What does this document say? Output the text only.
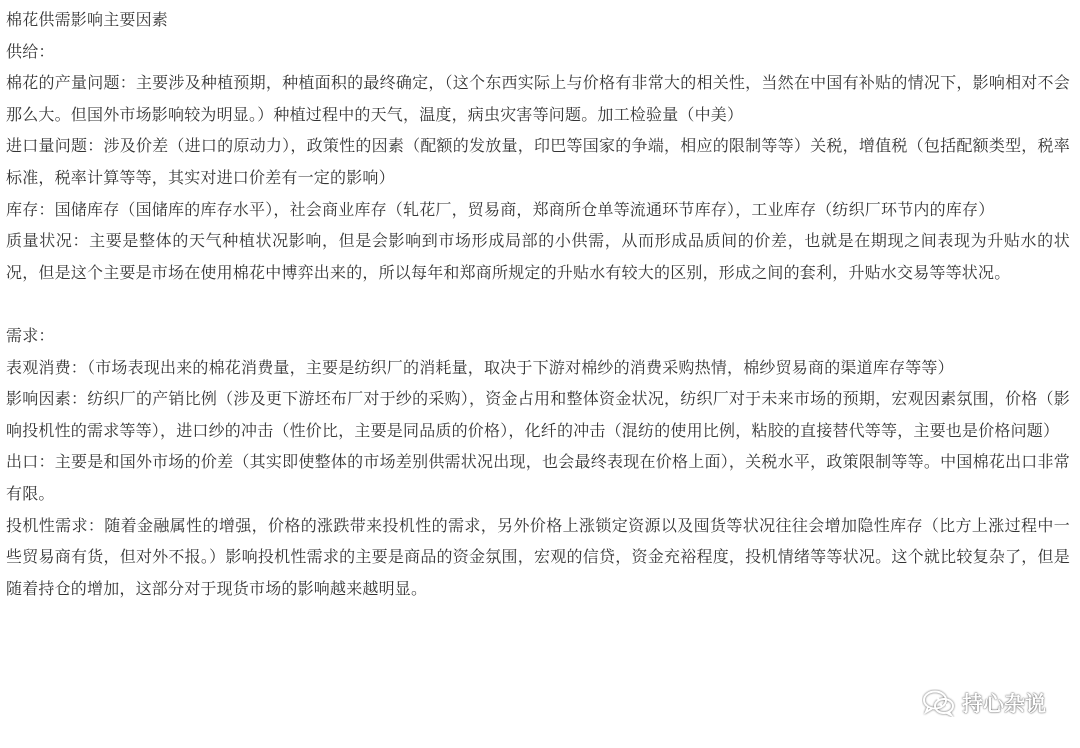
棉花供需影响主要因素

供给：

棉花的产量问题：主要涉及种植预期，种植面积的最终确定，（这个东西实际上与价格有非常大的相关性，当然在中国有补贴的情况下，影响相对不会那么大。但国外市场影响较为明显。）种植过程中的天气，温度，病虫灾害等问题。加工检验量（中美）

进口量问题：涉及价差（进口的原动力），政策性的因素（配额的发放量，印巴等国家的争端，相应的限制等等）关税，增值税（包括配额类型，税率标准，税率计算等等，其实对进口价差有一定的影响）

库存：国储库存（国储库的库存水平），社会商业库存（轧花厂，贸易商，郑商所仓单等流通环节库存），工业库存（纺织厂环节内的库存）

质量状况：主要是整体的天气种植状况影响，但是会影响到市场形成局部的小供需，从而形成品质间的价差，也就是在期现之间表现为升贴水的状况，但是这个主要是市场在使用棉花中博弈出来的，所以每年和郑商所规定的升贴水有较大的区别，形成之间的套利，升贴水交易等等状况。

需求：

表观消费：（市场表现出来的棉花消费量，主要是纺织厂的消耗量，取决于下游对棉纱的消费采购热情，棉纱贸易商的渠道库存等等）

影响因素：纺织厂的产销比例（涉及更下游坯布厂对于纱的采购），资金占用和整体资金状况，纺织厂对于未来市场的预期，宏观因素氛围，价格（影响投机性的需求等等），进口纱的冲击（性价比，主要是同品质的价格），化纤的冲击（混纺的使用比例，粘胶的直接替代等等，主要也是价格问题）

出口：主要是和国外市场的价差（其实即使整体的市场差别供需状况出现，也会最终表现在价格上面），关税水平，政策限制等等。中国棉花出口非常有限。

投机性需求：随着金融属性的增强，价格的涨跌带来投机性的需求，另外价格上涨锁定资源以及囤货等状况往往会增加隐性库存（比方上涨过程中一些贸易商有货，但对外不报。）影响投机性需求的主要是商品的资金氛围，宏观的信贷，资金充裕程度，投机情绪等等状况。这个就比较复杂了，但是随着持仓的增加，这部分对于现货市场的影响越来越明显。

持心杂说
